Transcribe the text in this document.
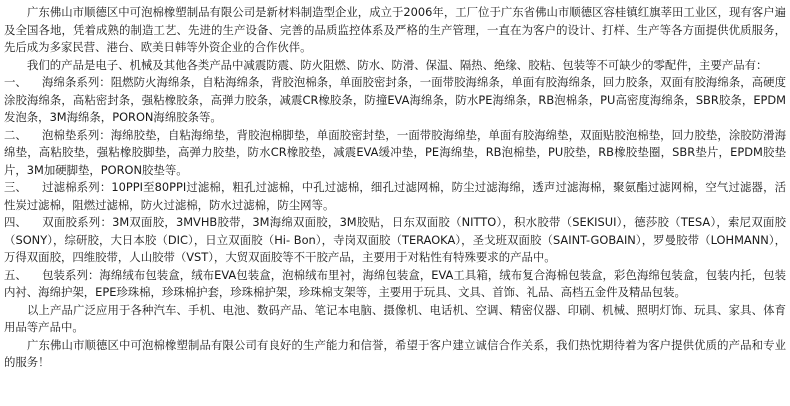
广东佛山市顺德区中可泡棉橡塑制品有限公司是新材料制造型企业，成立于2006年，工厂位于广东省佛山市顺德区容桂镇红旗莘田工业区，现有客户遍及全国各地，凭着成熟的制造工艺、先进的生产设备、完善的品质监控体系及严格的生产管理，一直在为客户的设计、打样、生产等各方面提供优质服务，先后成为多家民营、港台、欧美日韩等外资企业的合作伙伴。

我们的产品是电子、机械及其他各类产品中减震防震、防火阻燃、防水、防滑、保温、隔热、绝缘、胶粘、包装等不可缺少的零配件，主要产品有：

一、 海绵条系列：阻燃防火海绵条，自粘海绵条，背胶泡棉条，单面胶密封条，一面带胶海绵条，单面有胶海绵条，回力胶条，双面有胶海绵条，高硬度涂胶海绵条，高粘密封条，强粘橡胶条，高弹力胶条，减震CR橡胶条，防撞EVA海绵条，防水PE海绵条，RB泡棉条，PU高密度海绵条，SBR胶条，EPDM发泡条，3M海绵条，PORON海绵胶条等。

二、 泡棉垫系列：海绵胶垫，自粘海绵垫，背胶泡棉脚垫，单面胶密封垫，一面带胶海绵垫，单面有胶海绵垫，双面贴胶泡棉垫，回力胶垫，涂胶防滑海绵垫，高粘胶垫，强粘橡胶脚垫，高弹力胶垫，防水CR橡胶垫，减震EVA缓冲垫，PE海绵垫，RB泡棉垫，PU胶垫，RB橡胶垫圈，SBR垫片，EPDM胶垫片，3M加硬脚垫，PORON胶垫等。

三、 过滤棉系列：10PPI至80PPI过滤棉，粗孔过滤棉，中孔过滤棉，细孔过滤网棉，防尘过滤海绵，透声过滤海棉，聚氨酯过滤网棉，空气过滤器，活性炭过滤棉，阻燃过滤棉，防火过滤棉，防水过滤棉，防尘网等。

四、 双面胶系列：3M双面胶，3MVHB胶带，3M海绵双面胶，3M胶贴，日东双面胶（NITTO），积水胶带（SEKISUI），德莎胶（TESA），索尼双面胶（SONY），综研胶，大日本胶（DIC），日立双面胶（Hi- Bon），寺岗双面胶（TERAOKA），圣戈班双面胶（SAINT-GOBAIN），罗曼胶带（LOHMANN），万得双面胶，四维胶带，人山胶带（VST），大贸双面胶等不干胶产品，主要用于对粘性有特殊要求的产品中。

五、 包装系列：海绵绒布包装盒，绒布EVA包装盒，泡棉绒布里衬，海绵包装盒，EVA工具箱，绒布复合海棉包装盒，彩色海绵包装盒，包装内托，包装内衬、海绵护架，EPE珍珠棉，珍珠棉护套，珍珠棉护架，珍珠棉支架等，主要用于玩具、文具、首饰、礼品、高档五金件及精品包装。

以上产品广泛应用于各种汽车、手机、电池、数码产品、笔记本电脑、摄像机、电话机、空调、精密仪器、印刷、机械、照明灯饰、玩具、家具、体育用品等产品中。

广东佛山市顺德区中可泡棉橡塑制品有限公司有良好的生产能力和信誉，希望于客户建立诚信合作关系，我们热忱期待着为客户提供优质的产品和专业的服务！
